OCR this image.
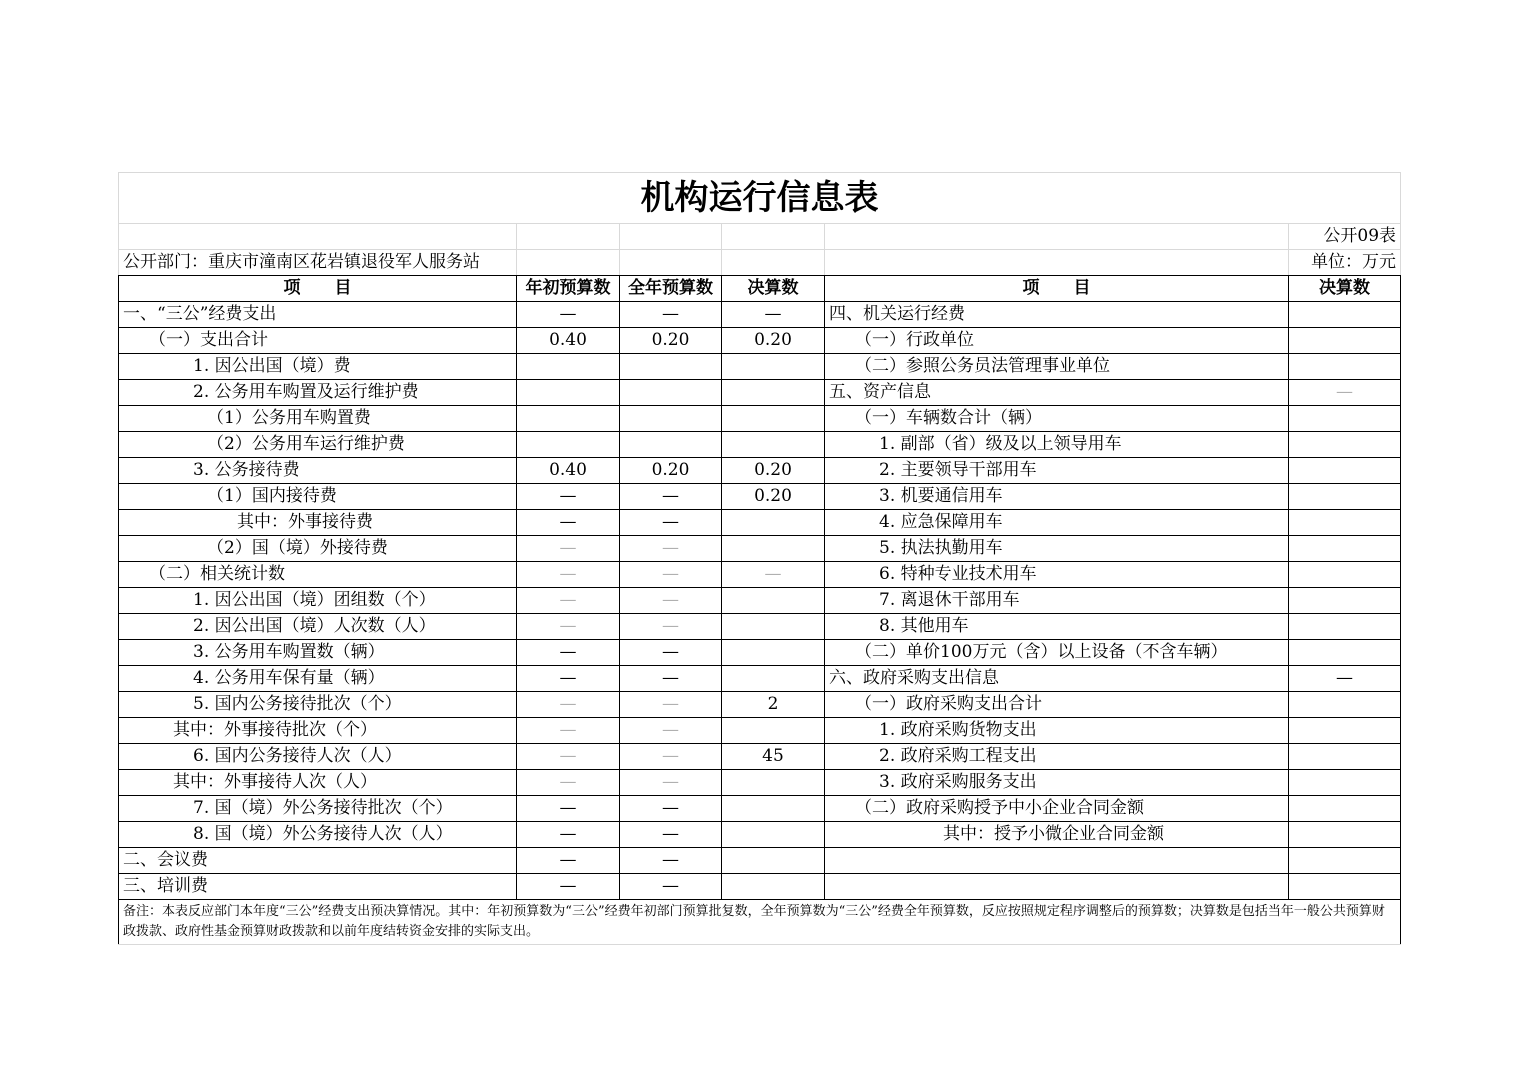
机构运行信息表					
					公开09表
公开部门：重庆市潼南区花岩镇退役军人服务站					单位：万元
项　　目	年初预算数	全年预算数	决算数	项　　目	决算数
一、“三公”经费支出	—	—	—	四、机关运行经费	
（一）支出合计	0.40	0.20	0.20	（一）行政单位	
1. 因公出国（境）费				（二）参照公务员法管理事业单位	
2. 公务用车购置及运行维护费				五、资产信息	—
（1）公务用车购置费				（一）车辆数合计（辆）	
（2）公务用车运行维护费				1. 副部（省）级及以上领导用车	
3. 公务接待费	0.40	0.20	0.20	2. 主要领导干部用车	
（1）国内接待费	—	—	0.20	3. 机要通信用车	
其中：外事接待费	—	—		4. 应急保障用车	
（2）国（境）外接待费	—	—		5. 执法执勤用车	
（二）相关统计数	—	—	—	6. 特种专业技术用车	
1. 因公出国（境）团组数（个）	—	—		7. 离退休干部用车	
2. 因公出国（境）人次数（人）	—	—		8. 其他用车	
3. 公务用车购置数（辆）	—	—		（二）单价100万元（含）以上设备（不含车辆）	
4. 公务用车保有量（辆）	—	—		六、政府采购支出信息	—
5. 国内公务接待批次（个）	—	—	2	（一）政府采购支出合计	
其中：外事接待批次（个）	—	—		1. 政府采购货物支出	
6. 国内公务接待人次（人）	—	—	45	2. 政府采购工程支出	
其中：外事接待人次（人）	—	—		3. 政府采购服务支出	
7. 国（境）外公务接待批次（个）	—	—		（二）政府采购授予中小企业合同金额	
8. 国（境）外公务接待人次（人）	—	—		其中：授予小微企业合同金额	
二、会议费	—	—			
三、培训费	—	—			
备注：本表反应部门本年度“三公”经费支出预决算情况。其中：年初预算数为“三公”经费年初部门预算批复数，全年预算数为“三公”经费全年预算数，反应按照规定程序调整后的预算数；决算数是包括当年一般公共预算财政拨款、政府性基金预算财政拨款和以前年度结转资金安排的实际支出。					
